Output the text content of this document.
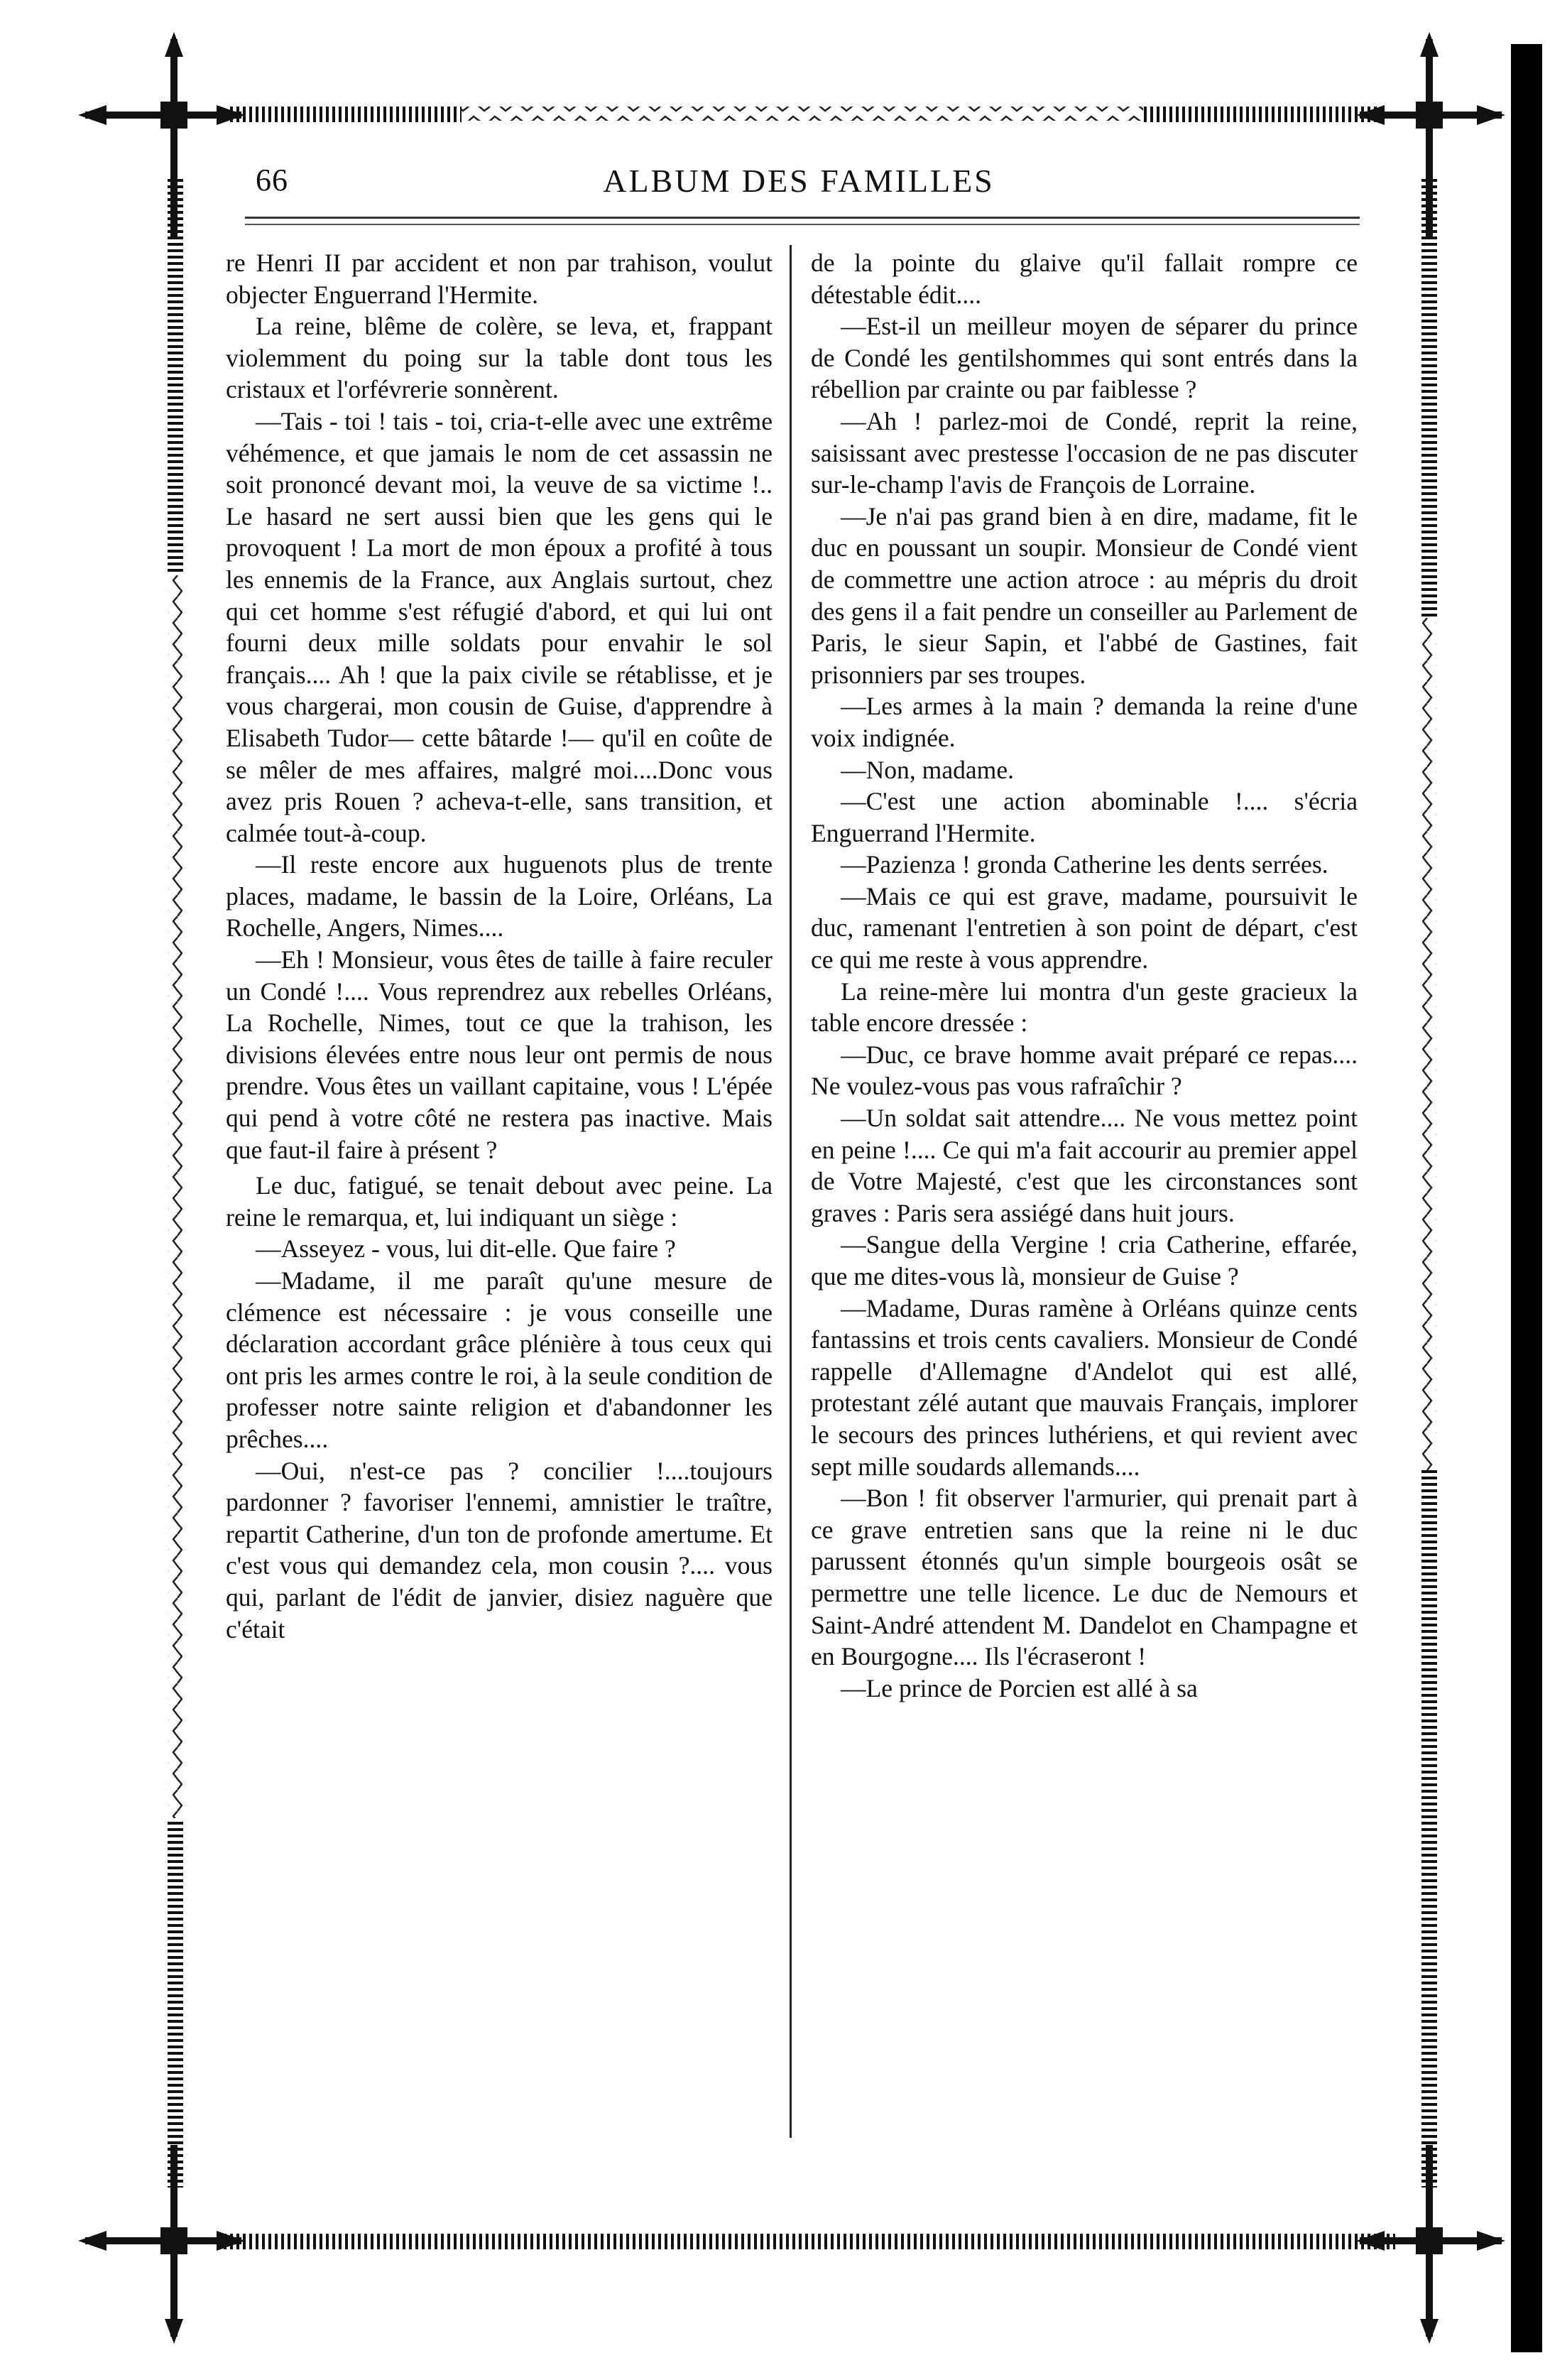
66	ALBUM DES FAMILLES

re Henri II par accident et non par trahison, voulut objecter Enguerrand l'Hermite.

La reine, blême de colère, se leva, et, frappant violemment du poing sur la table dont tous les cristaux et l'orfévrerie sonnèrent.

—Tais - toi ! tais - toi, cria-t-elle avec une extrême véhémence, et que jamais le nom de cet assassin ne soit prononcé devant moi, la veuve de sa victime !.. Le hasard ne sert aussi bien que les gens qui le provoquent ! La mort de mon époux a profité à tous les ennemis de la France, aux Anglais surtout, chez qui cet homme s'est réfugié d'abord, et qui lui ont fourni deux mille soldats pour envahir le sol français.... Ah ! que la paix civile se rétablisse, et je vous chargerai, mon cousin de Guise, d'apprendre à Elisabeth Tudor— cette bâtarde !— qu'il en coûte de se mêler de mes affaires, malgré moi....Donc vous avez pris Rouen ? acheva-t-elle, sans transition, et calmée tout-à-coup.

—Il reste encore aux huguenots plus de trente places, madame, le bassin de la Loire, Orléans, La Rochelle, Angers, Nimes....

—Eh ! Monsieur, vous êtes de taille à faire reculer un Condé !.... Vous reprendrez aux rebelles Orléans, La Rochelle, Nimes, tout ce que la trahison, les divisions élevées entre nous leur ont permis de nous prendre. Vous êtes un vaillant capitaine, vous ! L'épée qui pend à votre côté ne restera pas inactive. Mais que faut-il faire à présent ?

Le duc, fatigué, se tenait debout avec peine. La reine le remarqua, et, lui indiquant un siège :

—Asseyez - vous, lui dit-elle. Que faire ?

—Madame, il me paraît qu'une mesure de clémence est nécessaire : je vous conseille une déclaration accordant grâce plénière à tous ceux qui ont pris les armes contre le roi, à la seule condition de professer notre sainte religion et d'abandonner les prêches....

—Oui, n'est-ce pas ? concilier !....toujours pardonner ? favoriser l'ennemi, amnistier le traître, repartit Catherine, d'un ton de profonde amertume. Et c'est vous qui demandez cela, mon cousin ?.... vous qui, parlant de l'édit de janvier, disiez naguère que c'était

de la pointe du glaive qu'il fallait rompre ce détestable édit....

—Est-il un meilleur moyen de séparer du prince de Condé les gentilshommes qui sont entrés dans la rébellion par crainte ou par faiblesse ?

—Ah ! parlez-moi de Condé, reprit la reine, saisissant avec prestesse l'occasion de ne pas discuter sur-le-champ l'avis de François de Lorraine.

—Je n'ai pas grand bien à en dire, madame, fit le duc en poussant un soupir. Monsieur de Condé vient de commettre une action atroce : au mépris du droit des gens il a fait pendre un conseiller au Parlement de Paris, le sieur Sapin, et l'abbé de Gastines, fait prisonniers par ses troupes.

—Les armes à la main ? demanda la reine d'une voix indignée.

—Non, madame.

—C'est une action abominable !.... s'écria Enguerrand l'Hermite.

—Pazienza ! gronda Catherine les dents serrées.

—Mais ce qui est grave, madame, poursuivit le duc, ramenant l'entretien à son point de départ, c'est ce qui me reste à vous apprendre.

La reine-mère lui montra d'un geste gracieux la table encore dressée :

—Duc, ce brave homme avait préparé ce repas.... Ne voulez-vous pas vous rafraîchir ?

—Un soldat sait attendre.... Ne vous mettez point en peine !.... Ce qui m'a fait accourir au premier appel de Votre Majesté, c'est que les circonstances sont graves : Paris sera assiégé dans huit jours.

—Sangue della Vergine ! cria Catherine, effarée, que me dites-vous là, monsieur de Guise ?

—Madame, Duras ramène à Orléans quinze cents fantassins et trois cents cavaliers. Monsieur de Condé rappelle d'Allemagne d'Andelot qui est allé, protestant zélé autant que mauvais Français, implorer le secours des princes luthériens, et qui revient avec sept mille soudards allemands....

—Bon ! fit observer l'armurier, qui prenait part à ce grave entretien sans que la reine ni le duc parussent étonnés qu'un simple bourgeois osât se permettre une telle licence. Le duc de Nemours et Saint-André attendent M. Dandelot en Champagne et en Bourgogne.... Ils l'écraseront !

—Le prince de Porcien est allé à sa
